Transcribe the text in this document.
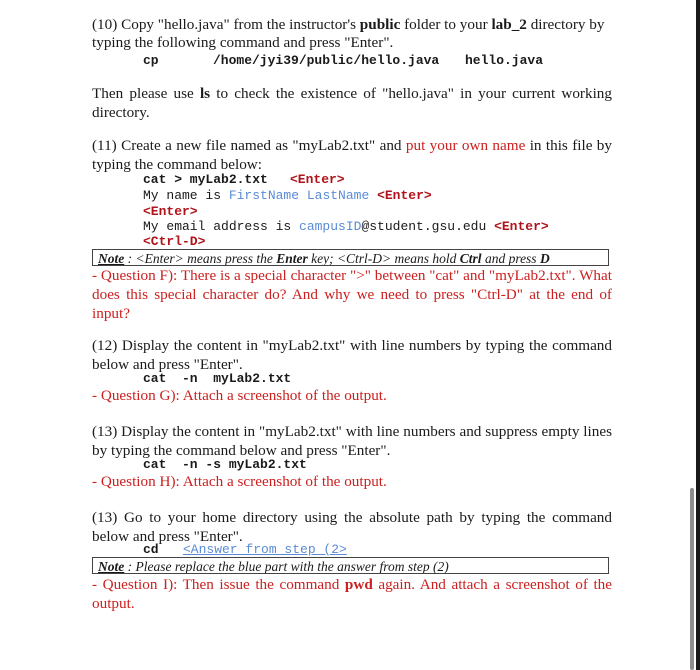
(10) Copy "hello.java" from the instructor's public folder to your lab_2 directory by
typing the following command and press "Enter".

cp	/home/jyi39/public/hello.java hello.java

Then please use ls to check the existence of "hello.java" in your current working directory.

(11) Create a new file named as "myLab2.txt" and put your own name in this file by typing the command below:

cat > myLab2.txt <Enter>
My name is FirstName LastName <Enter>
<Enter>
My email address is campusID@student.gsu.edu <Enter>
<Ctrl-D>
Note : <Enter> means press the Enter key; <Ctrl-D> means hold Ctrl and press D

- Question F): There is a special character ">" between "cat" and "myLab2.txt". What does this special character do? And why we need to press "Ctrl-D" at the end of input?

(12) Display the content in "myLab2.txt" with line numbers by typing the command below and press "Enter".

cat  -n  myLab2.txt

- Question G): Attach a screenshot of the output.

(13) Display the content in "myLab2.txt" with line numbers and suppress empty lines by typing the command below and press "Enter".

cat  -n -s myLab2.txt

- Question H): Attach a screenshot of the output.

(13) Go to your home directory using the absolute path by typing the command below and press "Enter".

cd <Answer from step (2>
Note : Please replace the blue part with the answer from step (2)

- Question I): Then issue the command pwd again. And attach a screenshot of the output.
